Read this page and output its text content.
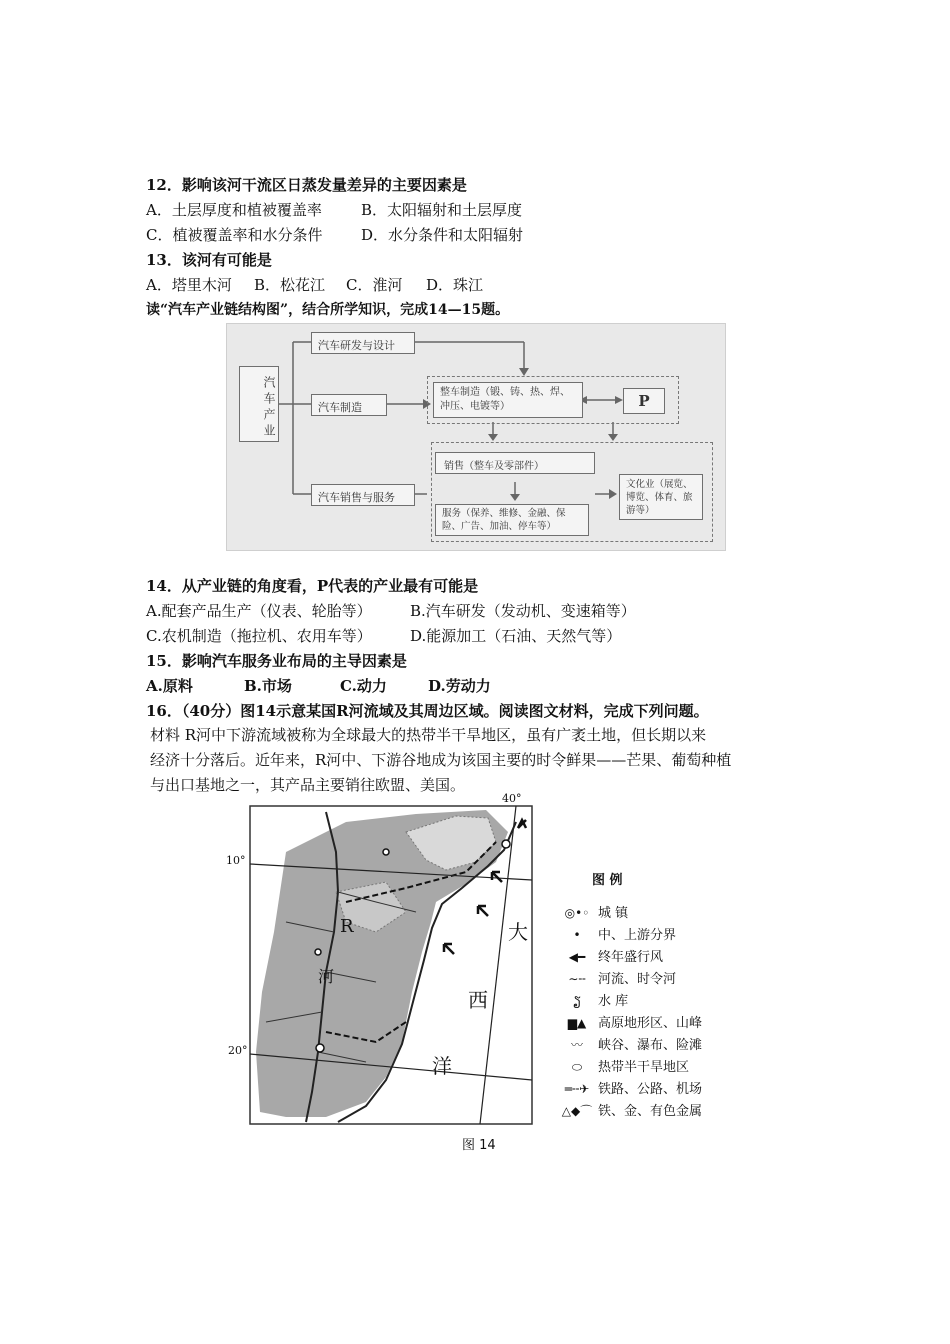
12．影响该河干流区日蒸发量差异的主要因素是
A．土层厚度和植被覆盖率	B．太阳辐射和土层厚度
C．植被覆盖率和水分条件	D．水分条件和太阳辐射
13．该河有可能是
A．塔里木河 B．松花江 C．淮河 D．珠江
读“汽车产业链结构图”，结合所学知识，完成14—15题。
汽车产业
汽车研发与设计
汽车制造
汽车销售与服务
整车制造（锻、铸、热、焊、冲压、电镀等）	P
销售（整车及零部件）
服务（保养、维修、金融、保险、广告、加油、停车等）
文化业（展览、博览、体育、旅游等）
14．从产业链的角度看，P代表的产业最有可能是
A.配套产品生产（仪表、轮胎等）	B.汽车研发（发动机、变速箱等）
C.农机制造（拖拉机、农用车等）	D.能源加工（石油、天然气等）
15．影响汽车服务业布局的主导因素是
A.原料	B.市场	C.动力	D.劳动力
16．（40分）图14示意某国R河流域及其周边区域。阅读图文材料，完成下列问题。
材料 R河中下游流域被称为全球最大的热带半干旱地区，虽有广袤土地，但长期以来
经济十分落后。近年来，R河中、下游谷地成为该国主要的时令鲜果——芒果、葡萄种植
与出口基地之一，其产品主要销往欧盟、美国。
10°
20°
40°
R
河
大
西
洋
图 例
◎•◦ 城 镇
• 中、上游分界
◀━ 终年盛行风
∼╌ 河流、时令河
ຽ 水 库
▆▲ 高原地形区、山峰
〰 峡谷、瀑布、险滩
⬭ 热带半干旱地区
═╌✈ 铁路、公路、机场
△◆⌒ 铁、金、有色金属
图 14
